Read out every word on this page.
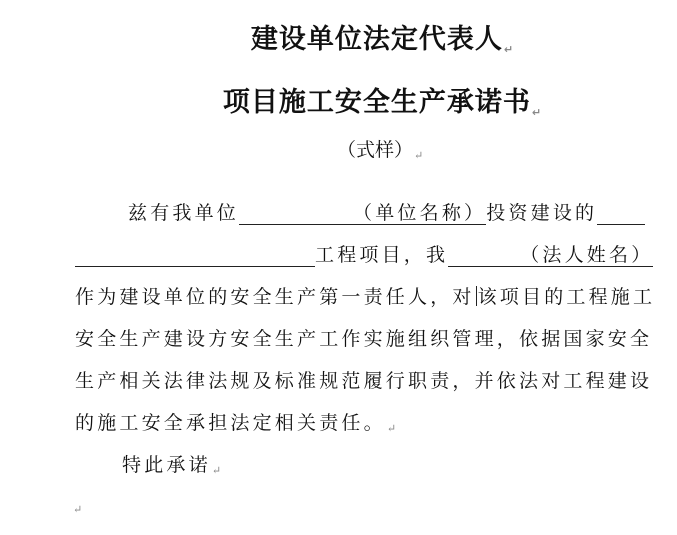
建设单位法定代表人↵
项目施工安全生产承诺书↵
（式样）↵
兹有我单位	（单位名称）投资建设的
工程项目，我	（法人姓名）
作为建设单位的安全生产第一责任人，对 该项目的工程施工
安全生产建设方安全生产工作实施组织管理，依据国家安全
生产相关法律法规及标准规范履行职责，并依法对工程建设
的施工安全承担法定相关责任。↵
特此承诺↵
↵
